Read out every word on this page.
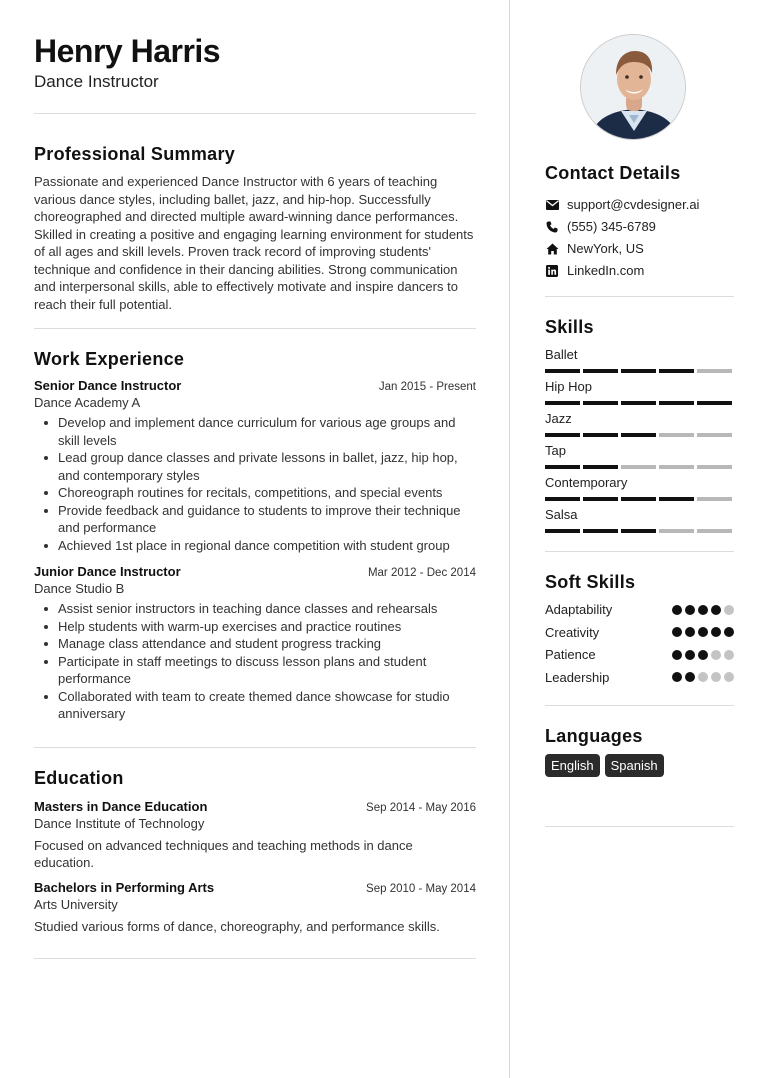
Henry Harris
Dance Instructor
Professional Summary
Passionate and experienced Dance Instructor with 6 years of teaching various dance styles, including ballet, jazz, and hip-hop. Successfully choreographed and directed multiple award-winning dance performances. Skilled in creating a positive and engaging learning environment for students of all ages and skill levels. Proven track record of improving students' technique and confidence in their dancing abilities. Strong communication and interpersonal skills, able to effectively motivate and inspire dancers to reach their full potential.
Work Experience
Senior Dance Instructor	Jan 2015 - Present
Dance Academy A
Develop and implement dance curriculum for various age groups and skill levels
Lead group dance classes and private lessons in ballet, jazz, hip hop, and contemporary styles
Choreograph routines for recitals, competitions, and special events
Provide feedback and guidance to students to improve their technique and performance
Achieved 1st place in regional dance competition with student group
Junior Dance Instructor	Mar 2012 - Dec 2014
Dance Studio B
Assist senior instructors in teaching dance classes and rehearsals
Help students with warm-up exercises and practice routines
Manage class attendance and student progress tracking
Participate in staff meetings to discuss lesson plans and student performance
Collaborated with team to create themed dance showcase for studio anniversary
Education
Masters in Dance Education	Sep 2014 - May 2016
Dance Institute of Technology
Focused on advanced techniques and teaching methods in dance education.
Bachelors in Performing Arts	Sep 2010 - May 2014
Arts University
Studied various forms of dance, choreography, and performance skills.
Contact Details
support@cvdesigner.ai
(555) 345-6789
NewYork, US
LinkedIn.com
Skills
Ballet
Hip Hop
Jazz
Tap
Contemporary
Salsa
Soft Skills
Adaptability
Creativity
Patience
Leadership
Languages
English	Spanish
